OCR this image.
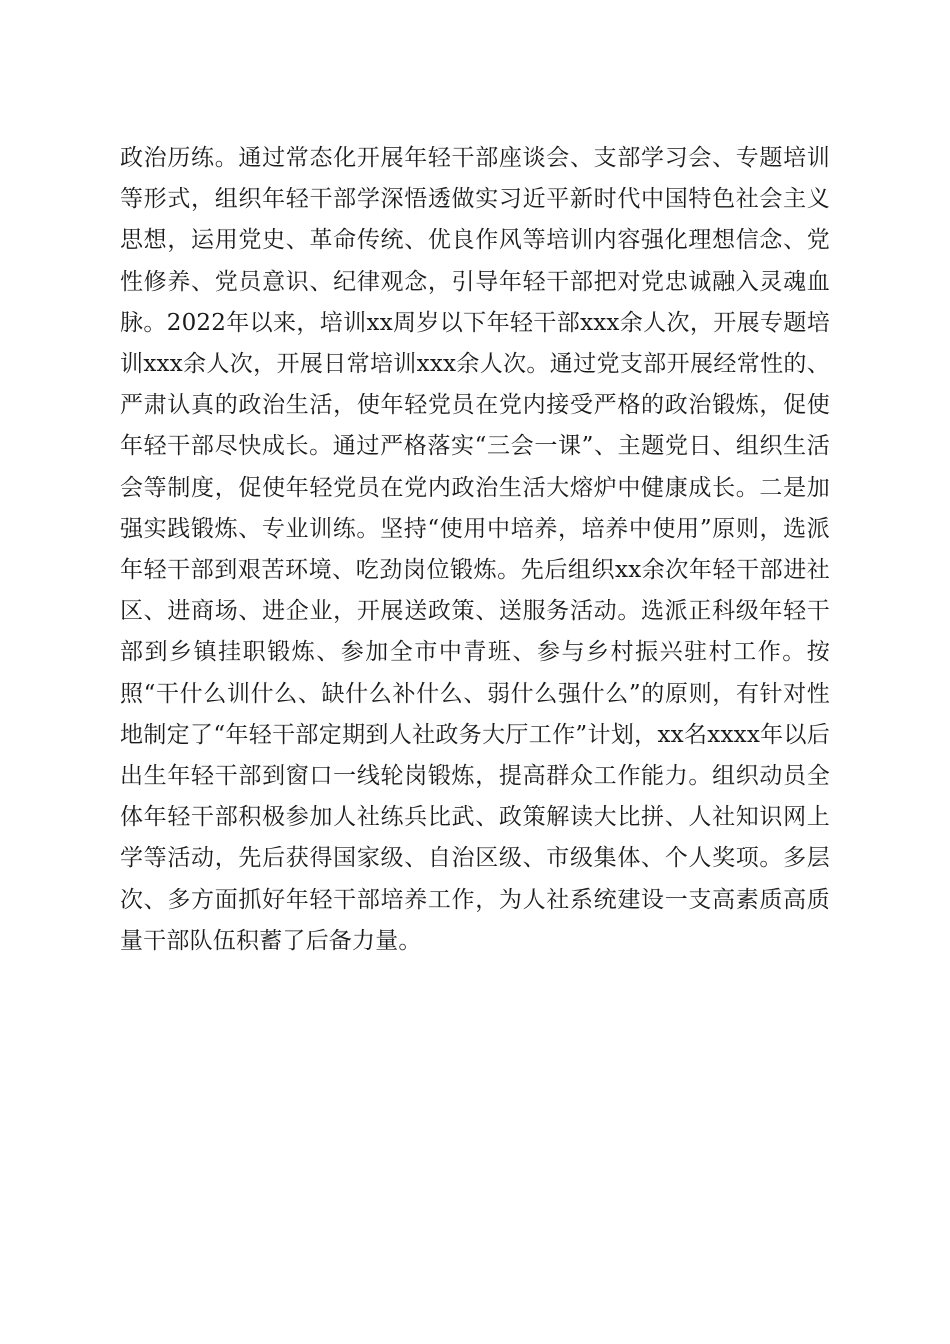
政治历练。通过常态化开展年轻干部座谈会、支部学习会、专题培训等形式，组织年轻干部学深悟透做实习近平新时代中国特色社会主义思想，运用党史、革命传统、优良作风等培训内容强化理想信念、党性修养、党员意识、纪律观念，引导年轻干部把对党忠诚融入灵魂血脉。2022年以来，培训xx周岁以下年轻干部xxx余人次，开展专题培训xxx余人次，开展日常培训xxx余人次。通过党支部开展经常性的、严肃认真的政治生活，使年轻党员在党内接受严格的政治锻炼，促使年轻干部尽快成长。通过严格落实“三会一课”、主题党日、组织生活会等制度，促使年轻党员在党内政治生活大熔炉中健康成长。二是加强实践锻炼、专业训练。坚持“使用中培养，培养中使用”原则，选派年轻干部到艰苦环境、吃劲岗位锻炼。先后组织xx余次年轻干部进社区、进商场、进企业，开展送政策、送服务活动。选派正科级年轻干部到乡镇挂职锻炼、参加全市中青班、参与乡村振兴驻村工作。按照“干什么训什么、缺什么补什么、弱什么强什么”的原则，有针对性地制定了“年轻干部定期到人社政务大厅工作”计划，xx名xxxx年以后出生年轻干部到窗口一线轮岗锻炼，提高群众工作能力。组织动员全体年轻干部积极参加人社练兵比武、政策解读大比拼、人社知识网上学等活动，先后获得国家级、自治区级、市级集体、个人奖项。多层次、多方面抓好年轻干部培养工作，为人社系统建设一支高素质高质量干部队伍积蓄了后备力量。
